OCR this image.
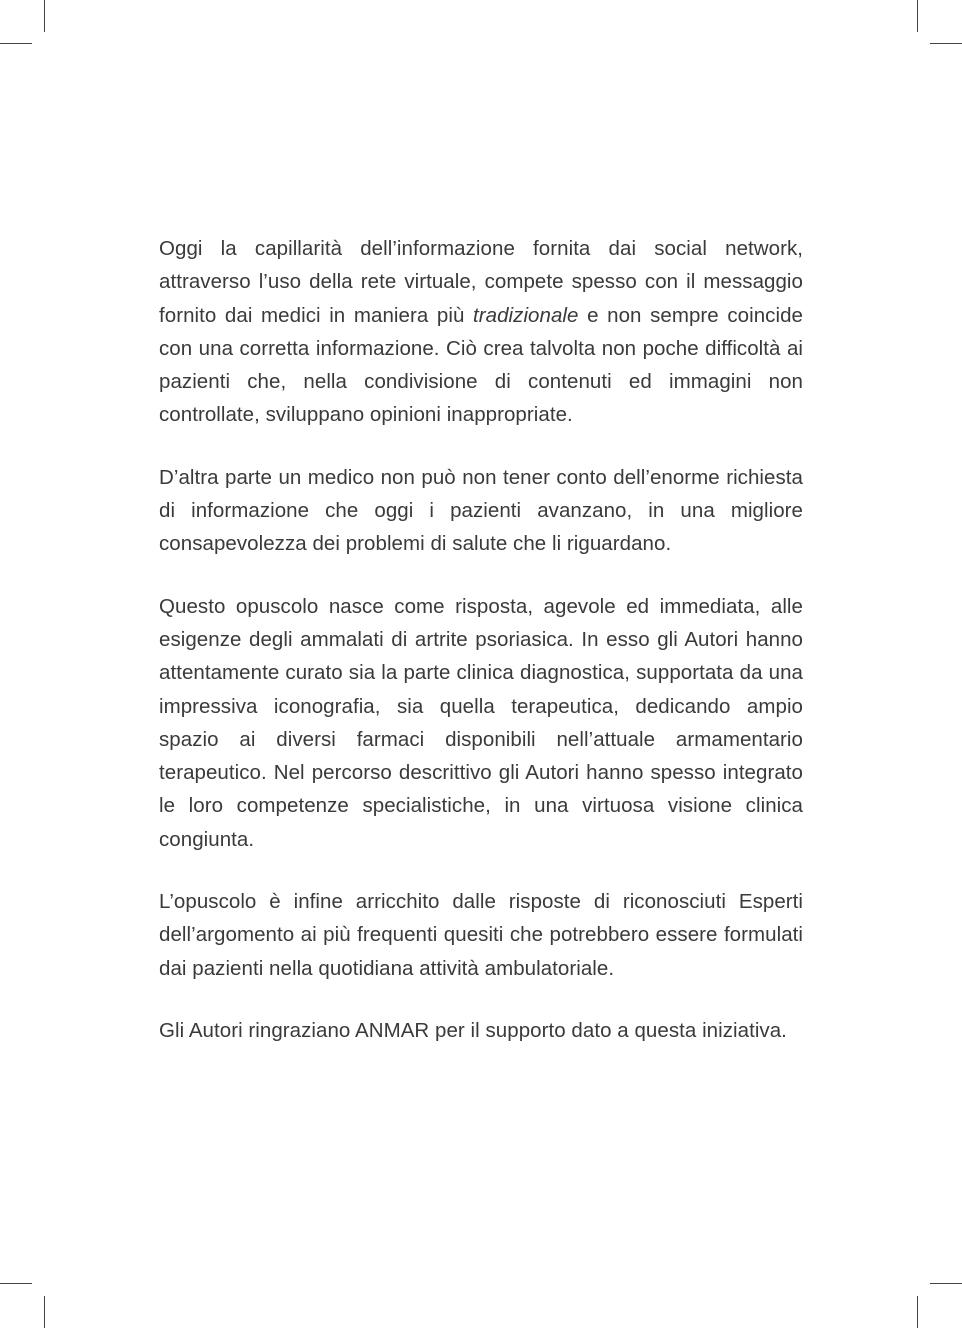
Oggi la capillarità dell’informazione fornita dai social network, attraverso l’uso della rete virtuale, compete spesso con il messaggio fornito dai medici in maniera più tradizionale e non sempre coincide con una corretta informazione. Ciò crea talvolta non poche difficoltà ai pazienti che, nella condivisione di contenuti ed immagini non controllate, sviluppano opinioni inappropriate.

D’altra parte un medico non può non tener conto dell’enorme richiesta di informazione che oggi i pazienti avanzano, in una migliore consapevolezza dei problemi di salute che li riguardano.

Questo opuscolo nasce come risposta, agevole ed immediata, alle esigenze degli ammalati di artrite psoriasica. In esso gli Autori hanno attentamente curato sia la parte clinica diagnostica, supportata da una impressiva iconografia, sia quella terapeutica, dedicando ampio spazio ai diversi farmaci disponibili nell’attuale armamentario terapeutico. Nel percorso descrittivo gli Autori hanno spesso integrato le loro competenze specialistiche, in una virtuosa visione clinica congiunta.

L’opuscolo è infine arricchito dalle risposte di riconosciuti Esperti dell’argomento ai più frequenti quesiti che potrebbero essere formulati dai pazienti nella quotidiana attività ambulatoriale.

Gli Autori ringraziano ANMAR per il supporto dato a questa iniziativa.
